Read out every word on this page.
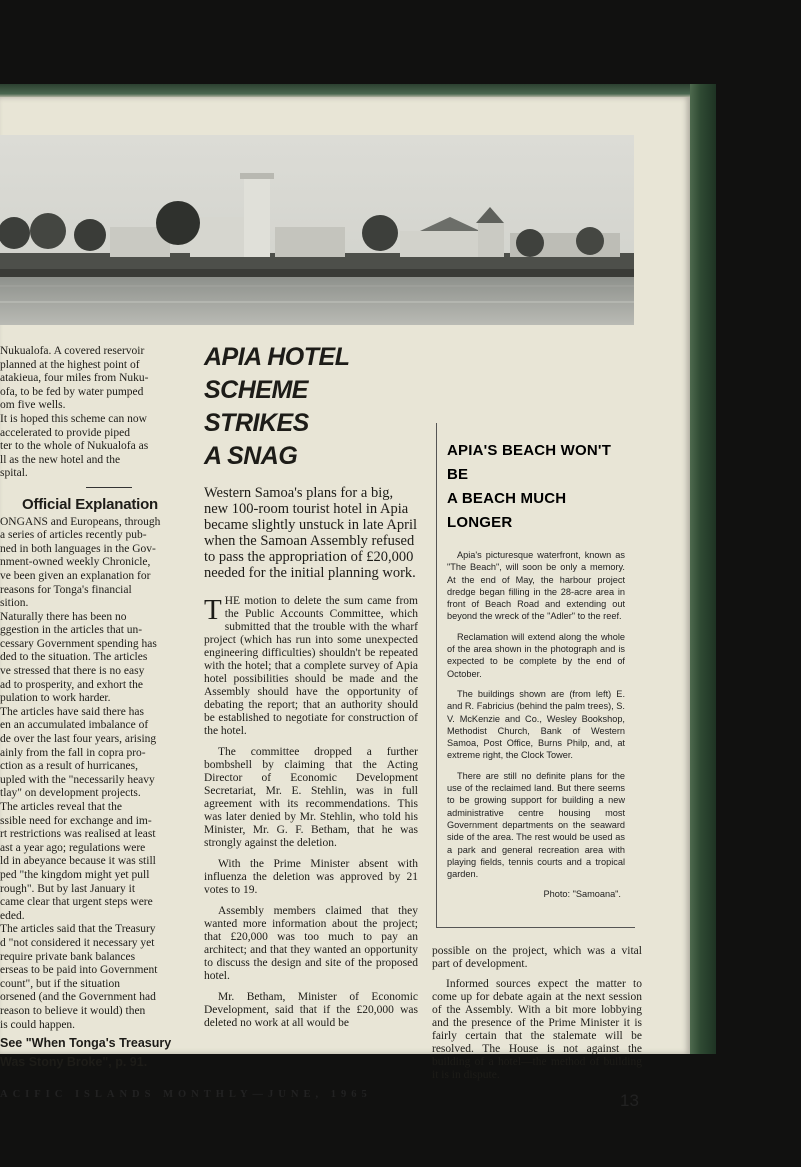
Nukualofa. A covered reservoir

planned at the highest point of

atakieua, four miles from Nuku-

ofa, to be fed by water pumped

om five wells.

It is hoped this scheme can now

accelerated to provide piped

ter to the whole of Nukualofa as

ll as the new hotel and the

spital.

Official Explanation

ONGANS and Europeans, through

a series of articles recently pub-

ned in both languages in the Gov-

nment-owned weekly Chronicle,

ve been given an explanation for

reasons for Tonga's financial

sition.

Naturally there has been no

ggestion in the articles that un-

cessary Government spending has

ded to the situation. The articles

ve stressed that there is no easy

ad to prosperity, and exhort the

pulation to work harder.

The articles have said there has

en an accumulated imbalance of

de over the last four years, arising

ainly from the fall in copra pro-

ction as a result of hurricanes,

upled with the "necessarily heavy

tlay" on development projects.

The articles reveal that the

ssible need for exchange and im-

rt restrictions was realised at least

ast a year ago; regulations were

ld in abeyance because it was still

ped "the kingdom might yet pull

rough". But by last January it

came clear that urgent steps were

eded.

The articles said that the Treasury

d "not considered it necessary yet

require private bank balances

erseas to be paid into Government

count", but if the situation

orsened (and the Government had

reason to believe it would) then

is could happen.

See "When Tonga's Treasury
Was Stony Broke", p. 91.
APIA HOTEL
SCHEME STRIKES
A SNAG

Western Samoa's plans for a big, new 100-room tourist hotel in Apia became slightly unstuck in late April when the Samoan Assembly refused to pass the appropriation of £20,000 needed for the initial planning work.

THE motion to delete the sum came from the Public Accounts Committee, which submitted that the trouble with the wharf project (which has run into some unexpected engineering difficulties) shouldn't be repeated with the hotel; that a complete survey of Apia hotel possibilities should be made and the Assembly should have the opportunity of debating the report; that an authority should be established to negotiate for construction of the hotel.

The committee dropped a further bombshell by claiming that the Acting Director of Economic Development Secretariat, Mr. E. Stehlin, was in full agreement with its recommendations. This was later denied by Mr. Stehlin, who told his Minister, Mr. G. F. Betham, that he was strongly against the deletion.

With the Prime Minister absent with influenza the deletion was approved by 21 votes to 19.

Assembly members claimed that they wanted more information about the project; that £20,000 was too much to pay an architect; and that they wanted an opportunity to discuss the design and site of the proposed hotel.

Mr. Betham, Minister of Economic Development, said that if the £20,000 was deleted no work at all would be

APIA'S BEACH WON'T BE
A BEACH MUCH LONGER

Apia's picturesque waterfront, known as "The Beach", will soon be only a memory. At the end of May, the harbour project dredge began filling in the 28-acre area in front of Beach Road and extending out beyond the wreck of the "Adler" to the reef.

Reclamation will extend along the whole of the area shown in the photograph and is expected to be complete by the end of October.

The buildings shown are (from left) E. and R. Fabricius (behind the palm trees), S. V. McKenzie and Co., Wesley Bookshop, Methodist Church, Bank of Western Samoa, Post Office, Burns Philp, and, at extreme right, the Clock Tower.

There are still no definite plans for the use of the reclaimed land. But there seems to be growing support for building a new administrative centre housing most Government departments on the seaward side of the area. The rest would be used as a park and general recreation area with playing fields, tennis courts and a tropical garden.

Photo: "Samoana".

possible on the project, which was a vital part of development.

Informed sources expect the matter to come up for debate again at the next session of the Assembly. With a bit more lobbying and the presence of the Prime Minister it is fairly certain that the stalemate will be resolved. The House is not against the building of a hotel—the method of building it is in dispute.

ACIFIC ISLANDS MONTHLY—JUNE, 1965	13
